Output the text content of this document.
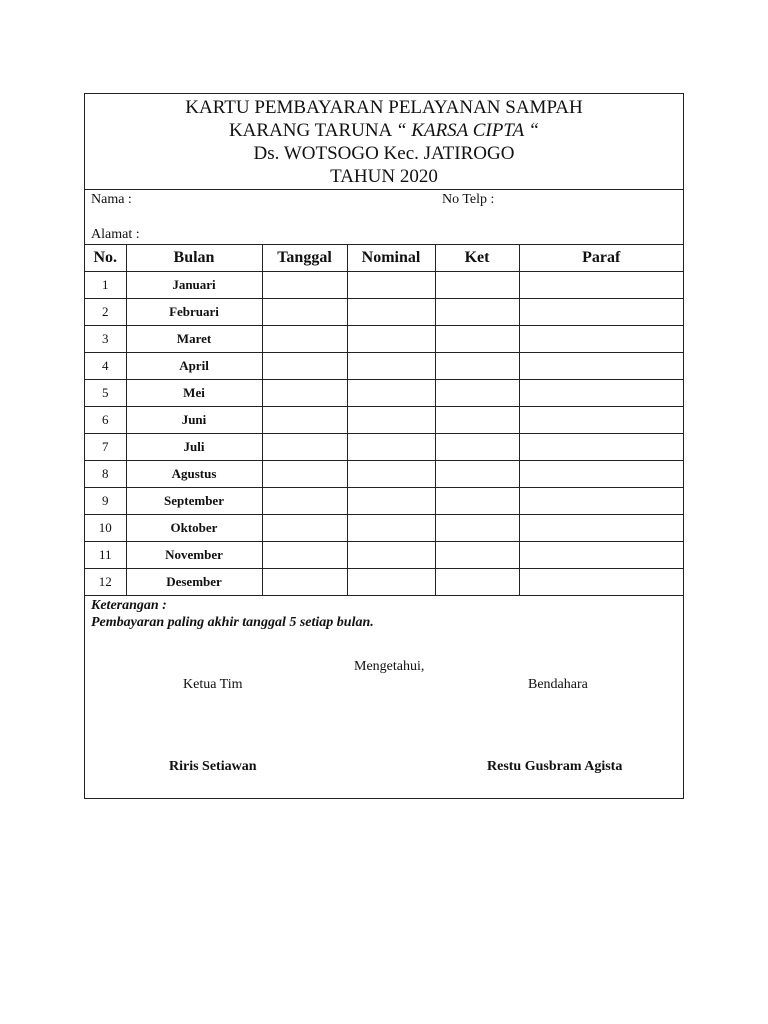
KARTU PEMBAYARAN PELAYANAN SAMPAH
KARANG TARUNA “ KARSA CIPTA “
Ds. WOTSOGO Kec. JATIROGO
TAHUN 2020
Nama :	No Telp :
Alamat :
No.	Bulan	Tanggal	Nominal	Ket	Paraf
1	Januari				
2	Februari				
3	Maret				
4	April				
5	Mei				
6	Juni				
7	Juli				
8	Agustus				
9	September				
10	Oktober				
11	November				
12	Desember				
Keterangan :
Pembayaran paling akhir tanggal 5 setiap bulan.
Mengetahui,
Ketua Tim	Bendahara
Riris Setiawan	Restu Gusbram Agista
